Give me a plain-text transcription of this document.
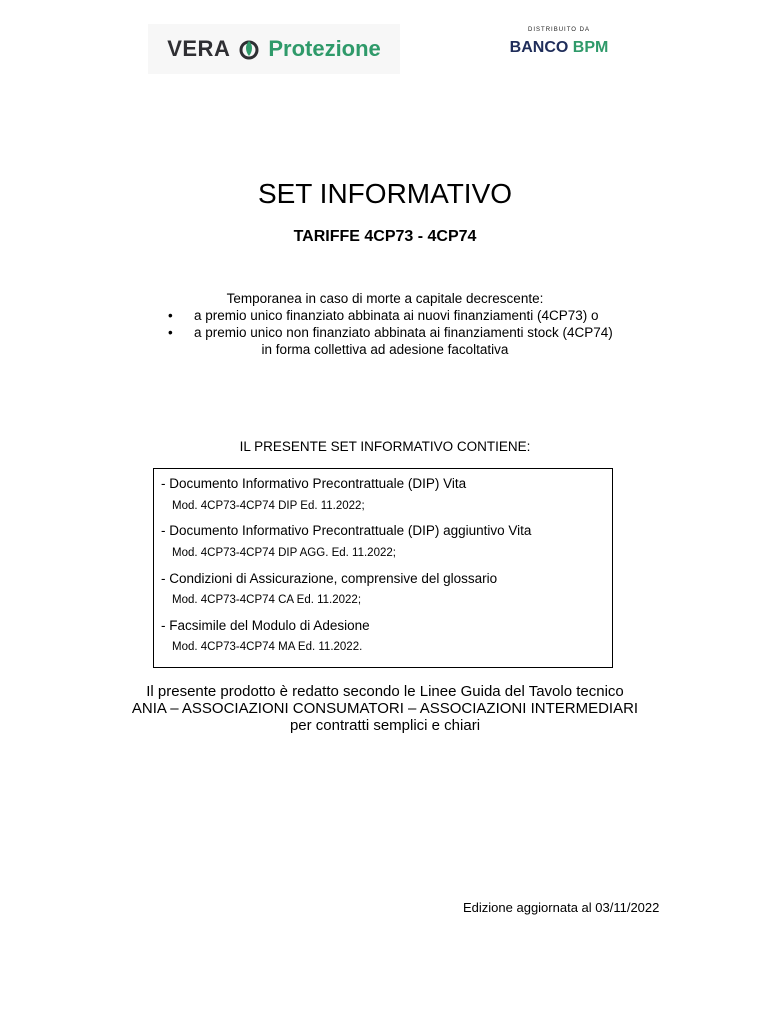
VERA Protezione
DISTRIBUITO DA
BANCO BPM
SET INFORMATIVO
TARIFFE 4CP73 - 4CP74
Temporanea in caso di morte a capitale decrescente:
• a premio unico finanziato abbinata ai nuovi finanziamenti (4CP73) o
• a premio unico non finanziato abbinata ai finanziamenti stock (4CP74)
in forma collettiva ad adesione facoltativa
IL PRESENTE SET INFORMATIVO CONTIENE:
- Documento Informativo Precontrattuale (DIP) Vita
Mod. 4CP73-4CP74 DIP Ed. 11.2022;
- Documento Informativo Precontrattuale (DIP) aggiuntivo Vita
Mod. 4CP73-4CP74 DIP AGG. Ed. 11.2022;
- Condizioni di Assicurazione, comprensive del glossario
Mod. 4CP73-4CP74 CA Ed. 11.2022;
- Facsimile del Modulo di Adesione
Mod. 4CP73-4CP74 MA Ed. 11.2022.
Il presente prodotto è redatto secondo le Linee Guida del Tavolo tecnico
ANIA – ASSOCIAZIONI CONSUMATORI – ASSOCIAZIONI INTERMEDIARI
per contratti semplici e chiari
Edizione aggiornata al 03/11/2022
